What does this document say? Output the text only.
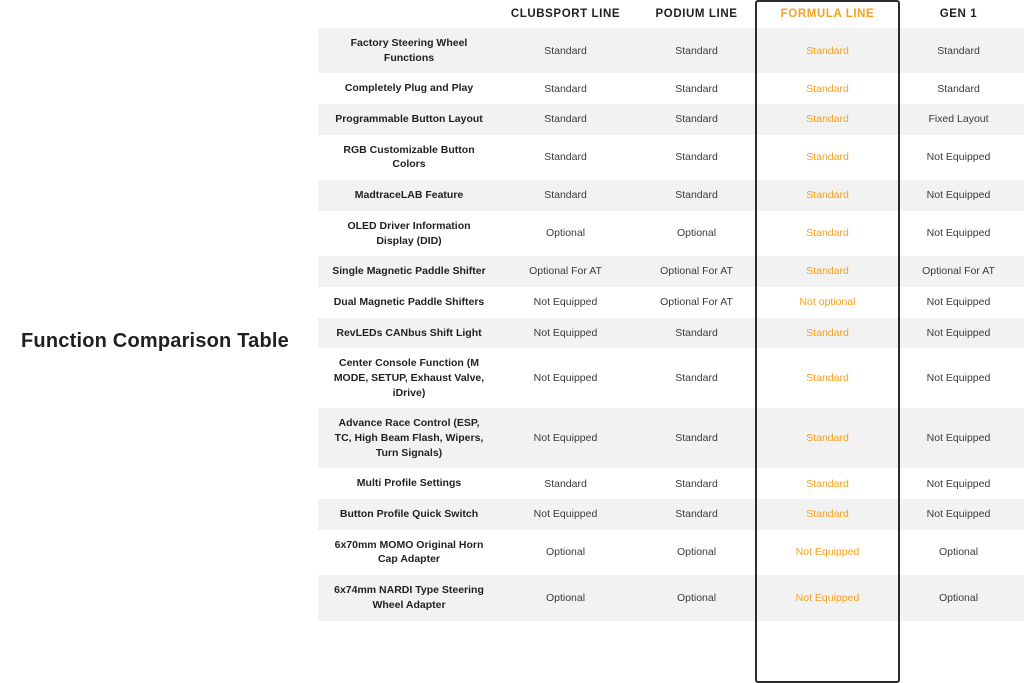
Function Comparison Table
	CLUBSPORT LINE	PODIUM LINE	FORMULA LINE	GEN 1
Factory Steering Wheel Functions	Standard	Standard	Standard	Standard
Completely Plug and Play	Standard	Standard	Standard	Standard
Programmable Button Layout	Standard	Standard	Standard	Fixed Layout
RGB Customizable Button Colors	Standard	Standard	Standard	Not Equipped
MadtraceLAB Feature	Standard	Standard	Standard	Not Equipped
OLED Driver Information Display (DID)	Optional	Optional	Standard	Not Equipped
Single Magnetic Paddle Shifter	Optional For AT	Optional For AT	Standard	Optional For AT
Dual Magnetic Paddle Shifters	Not Equipped	Optional For AT	Not optional	Not Equipped
RevLEDs CANbus Shift Light	Not Equipped	Standard	Standard	Not Equipped
Center Console Function (M MODE, SETUP, Exhaust Valve, iDrive)	Not Equipped	Standard	Standard	Not Equipped
Advance Race Control (ESP, TC, High Beam Flash, Wipers, Turn Signals)	Not Equipped	Standard	Standard	Not Equipped
Multi Profile Settings	Standard	Standard	Standard	Not Equipped
Button Profile Quick Switch	Not Equipped	Standard	Standard	Not Equipped
6x70mm MOMO Original Horn Cap Adapter	Optional	Optional	Not Equipped	Optional
6x74mm NARDI Type Steering Wheel Adapter	Optional	Optional	Not Equipped	Optional
